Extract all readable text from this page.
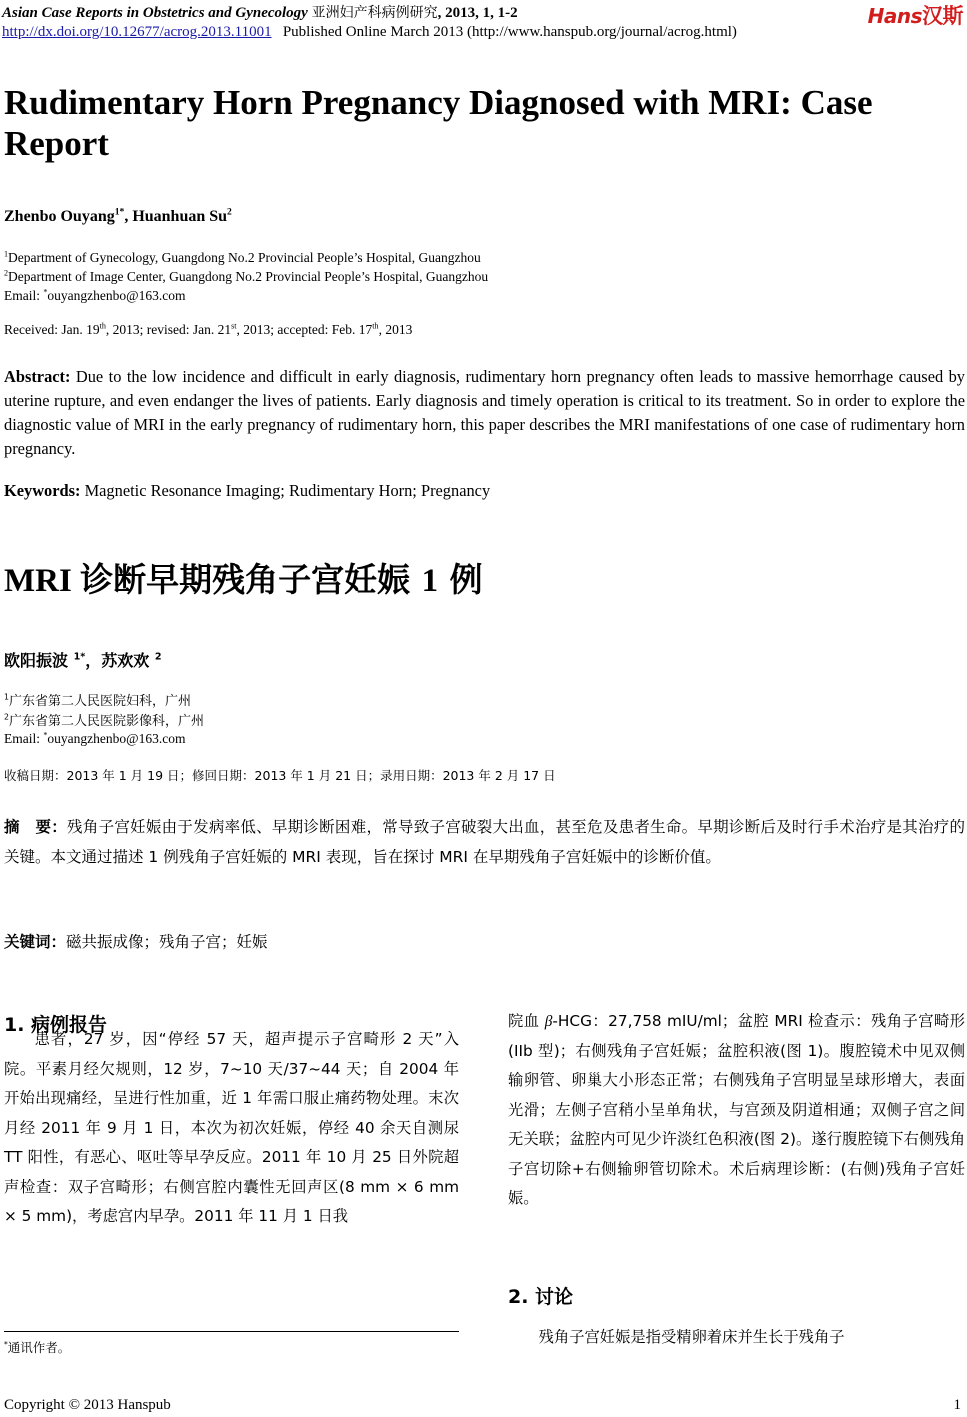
Asian Case Reports in Obstetrics and Gynecology 亚洲妇产科病例研究, 2013, 1, 1-2
http://dx.doi.org/10.12677/acrog.2013.11001 Published Online March 2013 (http://www.hanspub.org/journal/acrog.html)
Hans汉斯
Rudimentary Horn Pregnancy Diagnosed with MRI: Case Report
Zhenbo Ouyang$^{1*}$, Huanhuan Su$^2$
$^1$Department of Gynecology, Guangdong No.2 Provincial People’s Hospital, Guangzhou
$^2$Department of Image Center, Guangdong No.2 Provincial People’s Hospital, Guangzhou
Email: *ouyangzhenbo@163.com
Received: Jan. 19th, 2013; revised: Jan. 21st, 2013; accepted: Feb. 17th, 2013
Abstract: Due to the low incidence and difficult in early diagnosis, rudimentary horn pregnancy often leads to massive hemorrhage caused by uterine rupture, and even endanger the lives of patients. Early diagnosis and timely operation is critical to its treatment. So in order to explore the diagnostic value of MRI in the early pregnancy of rudimentary horn, this paper describes the MRI manifestations of one case of rudimentary horn pregnancy.
Keywords: Magnetic Resonance Imaging; Rudimentary Horn; Pregnancy
MRI 诊断早期残角子宫妊娠 1 例
欧阳振波 $^{1*}$，苏欢欢 $^2$
$^1$广东省第二人民医院妇科，广州
$^2$广东省第二人民医院影像科，广州
Email: *ouyangzhenbo@163.com
收稿日期：2013 年 1 月 19 日；修回日期：2013 年 1 月 21 日；录用日期：2013 年 2 月 17 日
摘　要：残角子宫妊娠由于发病率低、早期诊断困难，常导致子宫破裂大出血，甚至危及患者生命。早期诊断后及时行手术治疗是其治疗的关键。本文通过描述 1 例残角子宫妊娠的 MRI 表现，旨在探讨 MRI 在早期残角子宫妊娠中的诊断价值。
关键词：磁共振成像；残角子宫；妊娠
1. 病例报告
患者，27 岁，因“停经 57 天，超声提示子宫畸形 2 天”入院。平素月经欠规则，12 岁，7~10 天/37~44 天；自 2004 年开始出现痛经，呈进行性加重，近 1 年需口服止痛药物处理。末次月经 2011 年 9 月 1 日，本次为初次妊娠，停经 40 余天自测尿 TT 阳性，有恶心、呕吐等早孕反应。2011 年 10 月 25 日外院超声检查：双子宫畸形；右侧宫腔内囊性无回声区(8 mm × 6 mm × 5 mm)，考虑宫内早孕。2011 年 11 月 1 日我
院血 β-HCG：27,758 mIU/ml；盆腔 MRI 检查示：残角子宫畸形(IIb 型)；右侧残角子宫妊娠；盆腔积液(图 1)。腹腔镜术中见双侧输卵管、卵巢大小形态正常；右侧残角子宫明显呈球形增大，表面光滑；左侧子宫稍小呈单角状，与宫颈及阴道相通；双侧子宫之间无关联；盆腔内可见少许淡红色积液(图 2)。遂行腹腔镜下右侧残角子宫切除+右侧输卵管切除术。术后病理诊断：(右侧)残角子宫妊娠。
2. 讨论
残角子宫妊娠是指受精卵着床并生长于残角子
*通讯作者。
Copyright © 2013 Hanspub	1
